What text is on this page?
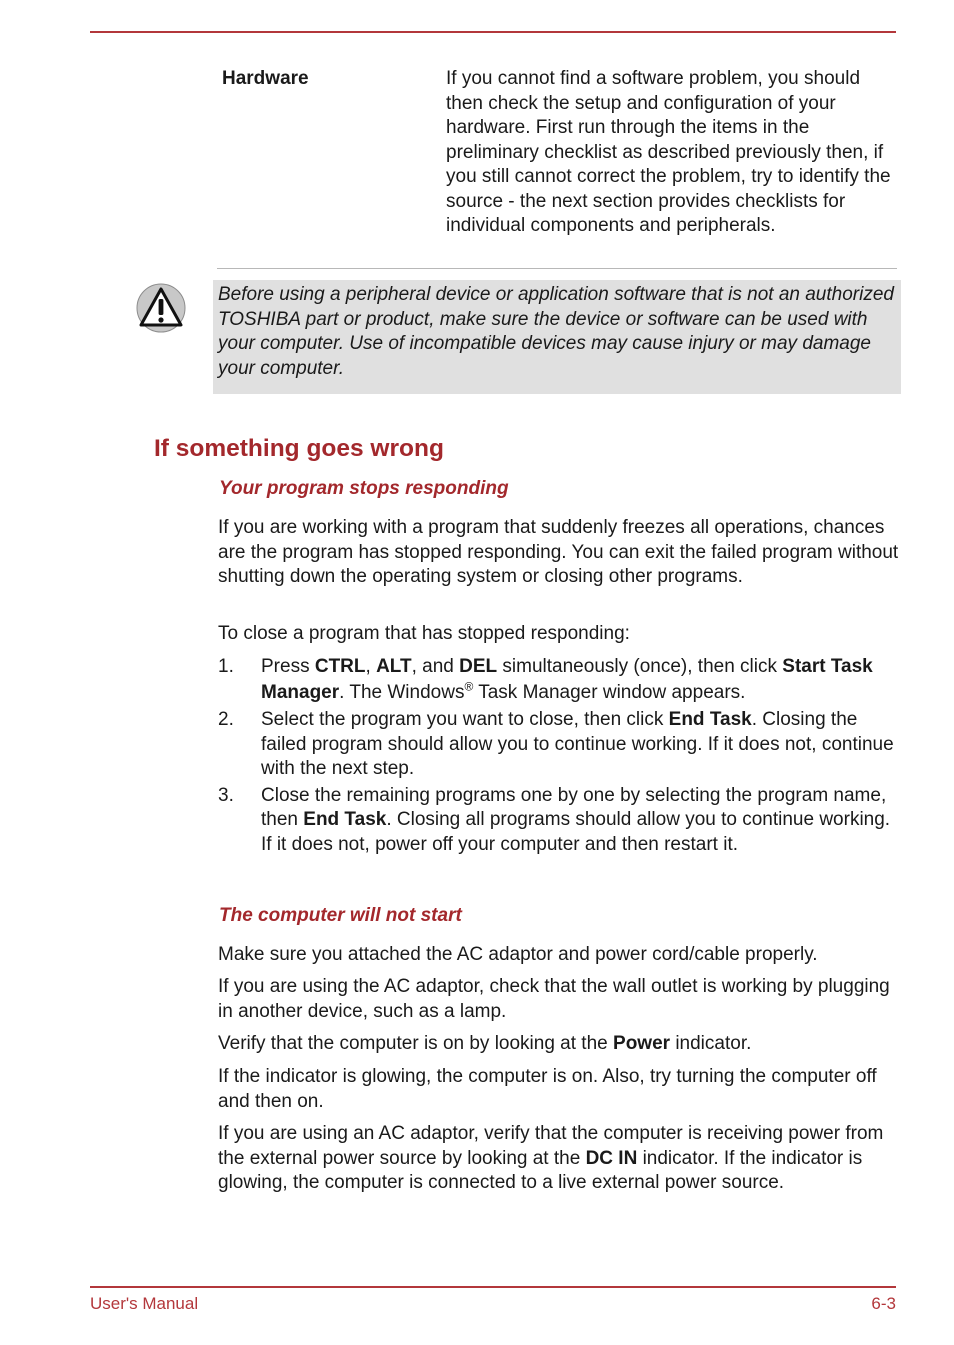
Hardware	If you cannot find a software problem, you should then check the setup and configuration of your hardware. First run through the items in the preliminary checklist as described previously then, if you still cannot correct the problem, try to identify the source - the next section provides checklists for individual components and peripherals.
Before using a peripheral device or application software that is not an authorized TOSHIBA part or product, make sure the device or software can be used with your computer. Use of incompatible devices may cause injury or may damage your computer.
If something goes wrong
Your program stops responding

If you are working with a program that suddenly freezes all operations, chances are the program has stopped responding. You can exit the failed program without shutting down the operating system or closing other programs.

To close a program that has stopped responding:

1. Press CTRL, ALT, and DEL simultaneously (once), then click Start Task Manager. The Windows® Task Manager window appears.
2. Select the program you want to close, then click End Task. Closing the failed program should allow you to continue working. If it does not, continue with the next step.
3. Close the remaining programs one by one by selecting the program name, then End Task. Closing all programs should allow you to continue working. If it does not, power off your computer and then restart it.
The computer will not start

Make sure you attached the AC adaptor and power cord/cable properly.

If you are using the AC adaptor, check that the wall outlet is working by plugging in another device, such as a lamp.

Verify that the computer is on by looking at the Power indicator.

If the indicator is glowing, the computer is on. Also, try turning the computer off and then on.

If you are using an AC adaptor, verify that the computer is receiving power from the external power source by looking at the DC IN indicator. If the indicator is glowing, the computer is connected to a live external power source.

User's Manual	6-3
